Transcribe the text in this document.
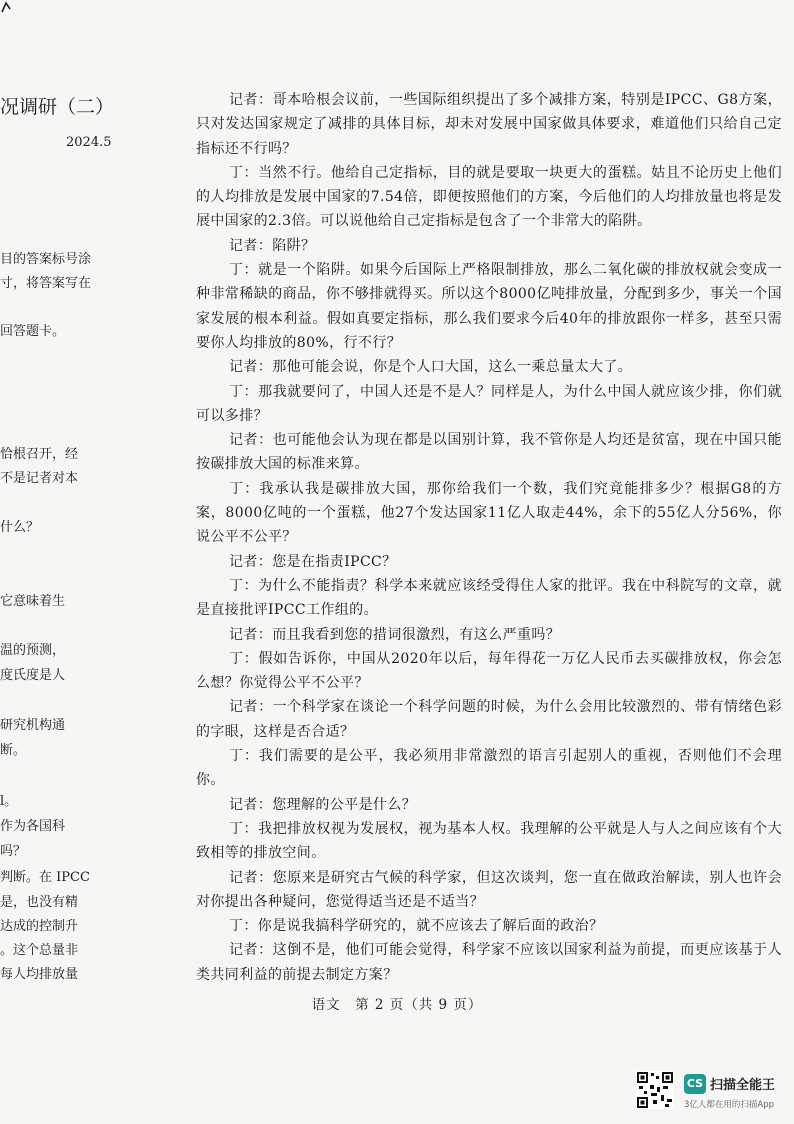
况调研（二）
2024.5
目的答案标号涂
寸，将答案写在
回答题卡。
恰根召开，经
不是记者对本
什么？
它意味着生
温的预测，
度氏度是人
研究机构通
断。
l。
作为各国科
吗？
判断。在 IPCC
是，也没有精
达成的控制升
。这个总量非
每人均排放量

记者：哥本哈根会议前，一些国际组织提出了多个减排方案，特别是IPCC、G8方案，只对发达国家规定了减排的具体目标，却未对发展中国家做具体要求，难道他们只给自己定指标还不行吗？

丁：当然不行。他给自己定指标，目的就是要取一块更大的蛋糕。姑且不论历史上他们的人均排放是发展中国家的7.54倍，即便按照他们的方案，今后他们的人均排放量也将是发展中国家的2.3倍。可以说他给自己定指标是包含了一个非常大的陷阱。

记者：陷阱？

丁：就是一个陷阱。如果今后国际上严格限制排放，那么二氧化碳的排放权就会变成一种非常稀缺的商品，你不够排就得买。所以这个8000亿吨排放量，分配到多少，事关一个国家发展的根本利益。假如真要定指标，那么我们要求今后40年的排放跟你一样多，甚至只需要你人均排放的80%，行不行？

记者：那他可能会说，你是个人口大国，这么一乘总量太大了。

丁：那我就要问了，中国人还是不是人？同样是人，为什么中国人就应该少排，你们就可以多排？

记者：也可能他会认为现在都是以国别计算，我不管你是人均还是贫富，现在中国只能按碳排放大国的标准来算。

丁：我承认我是碳排放大国，那你给我们一个数，我们究竟能排多少？根据G8的方案，8000亿吨的一个蛋糕，他27个发达国家11亿人取走44%，余下的55亿人分56%，你说公平不公平？

记者：您是在指责IPCC？

丁：为什么不能指责？科学本来就应该经受得住人家的批评。我在中科院写的文章，就是直接批评IPCC工作组的。

记者：而且我看到您的措词很激烈，有这么严重吗？

丁：假如告诉你，中国从2020年以后，每年得花一万亿人民币去买碳排放权，你会怎么想？你觉得公平不公平？

记者：一个科学家在谈论一个科学问题的时候，为什么会用比较激烈的、带有情绪色彩的字眼，这样是否合适？

丁：我们需要的是公平，我必须用非常激烈的语言引起别人的重视，否则他们不会理你。

记者：您理解的公平是什么？

丁：我把排放权视为发展权，视为基本人权。我理解的公平就是人与人之间应该有个大致相等的排放空间。

记者：您原来是研究古气候的科学家，但这次谈判，您一直在做政治解读，别人也许会对你提出各种疑问，您觉得适当还是不适当？

丁：你是说我搞科学研究的，就不应该去了解后面的政治？

记者：这倒不是，他们可能会觉得，科学家不应该以国家利益为前提，而更应该基于人类共同利益的前提去制定方案？

语文　第 2 页（共 9 页）
CS 扫描全能王
3亿人都在用的扫描App
